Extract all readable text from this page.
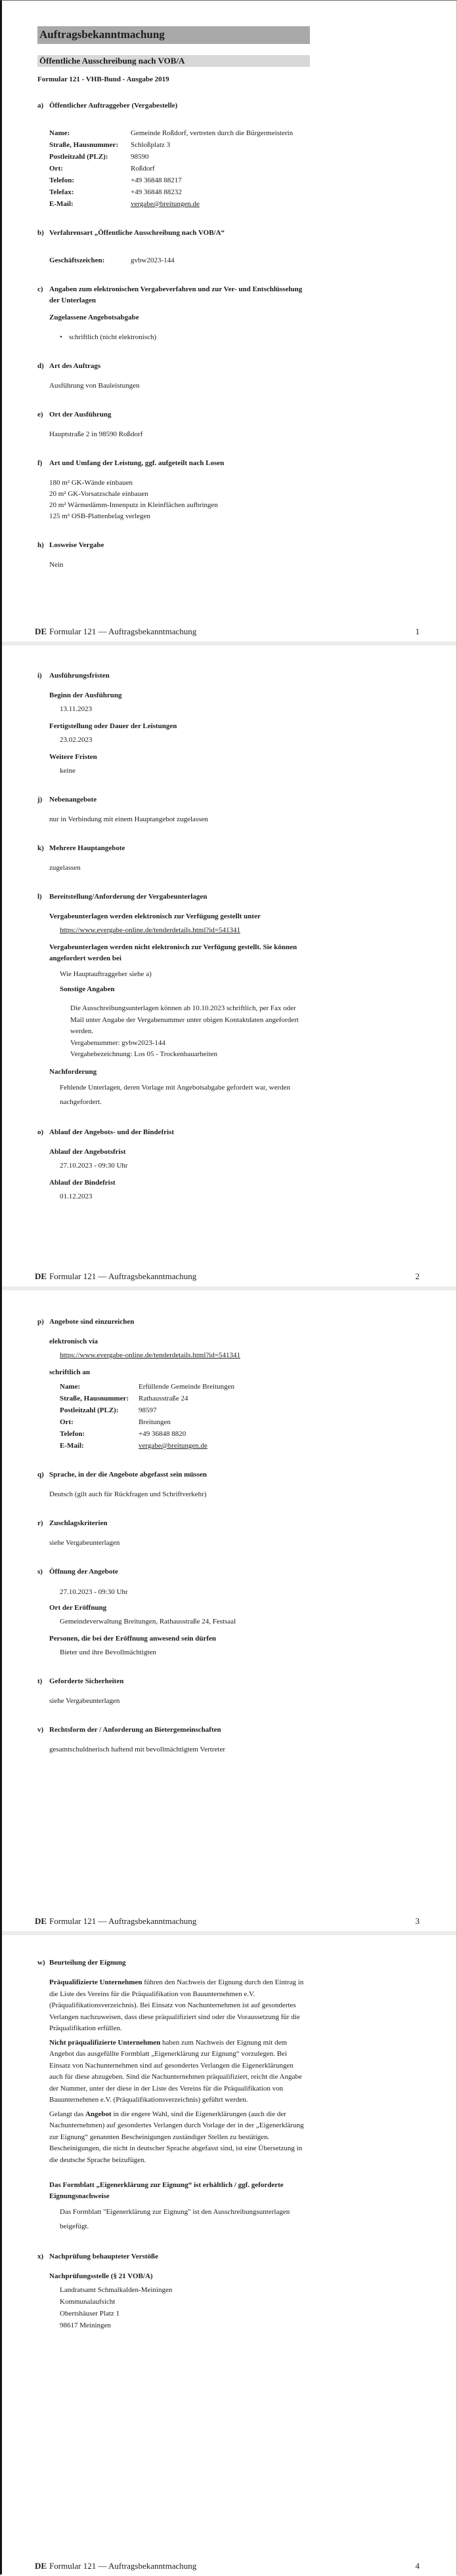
Auftragsbekanntmachung
Öffentliche Ausschreibung nach VOB/A
Formular 121 - VHB-Bund - Ausgabe 2019
a) Öffentlicher Auftraggeber (Vergabestelle)
Name:	Gemeinde Roßdorf, vertreten durch die Bürgermeisterin
Straße, Hausnummer: Schloßplatz 3
Postleitzahl (PLZ):	98590
Ort:	Roßdorf
Telefon:	+49 36848 88217
Telefax:	+49 36848 88232
E-Mail:	vergabe@breitungen.de
b) Verfahrensart „Öffentliche Ausschreibung nach VOB/A“
Geschäftszeichen:	gvbw2023-144
c) Angaben zum elektronischen Vergabeverfahren und zur Ver- und Entschlüsselung der Unterlagen
Zugelassene Angebotsabgabe
• schriftlich (nicht elektronisch)
d) Art des Auftrags
Ausführung von Bauleistungen
e) Ort der Ausführung
Hauptstraße 2 in 98590 Roßdorf
f) Art und Umfang der Leistung, ggf. aufgeteilt nach Losen
180 m² GK-Wände einbauen
20 m² GK-Vorsatzschale einbauen
20 m² Wärmedämm-Innenputz in Kleinflächen aufbringen
125 m³ OSB-Plattenbelag verlegen
h) Losweise Vergabe
Nein
DE Formular 121 — Auftragsbekanntmachung	1
i) Ausführungsfristen
Beginn der Ausführung
13.11.2023
Fertigstellung oder Dauer der Leistungen
23.02.2023
Weitere Fristen
keine
j) Nebenangebote
nur in Verbindung mit einem Hauptangebot zugelassen
k) Mehrere Hauptangebote
zugelassen
l) Bereitstellung/Anforderung der Vergabeunterlagen
Vergabeunterlagen werden elektronisch zur Verfügung gestellt unter
https://www.evergabe-online.de/tenderdetails.html?id=541341
Vergabeunterlagen werden nicht elektronisch zur Verfügung gestellt. Sie können angefordert werden bei
Wie Hauptauftraggeber siehe a)
Sonstige Angaben

Die Ausschreibungsunterlagen können ab 10.10.2023 schriftlich, per Fax oder Mail unter Angabe der Vergabenummer unter obigen Kontaktdaten angefordert werden.

Vergabenummer: gvbw2023-144

Vergabebezeichnung: Los 05 - Trockenbauarbeiten

Nachforderung
Fehlende Unterlagen, deren Vorlage mit Angebotsabgabe gefordert war, werden nachgefordert.
o) Ablauf der Angebots- und der Bindefrist
Ablauf der Angebotsfrist
27.10.2023 - 09:30 Uhr
Ablauf der Bindefrist
01.12.2023
DE Formular 121 — Auftragsbekanntmachung	2
p) Angebote sind einzureichen
elektronisch via
https://www.evergabe-online.de/tenderdetails.html?id=541341
schriftlich an
Name:	Erfüllende Gemeinde Breitungen
Straße, Hausnummer: Rathausstraße 24
Postleitzahl (PLZ):	98597
Ort:	Breitungen
Telefon:	+49 36848 8820
E-Mail:	vergabe@breitungen.de
q) Sprache, in der die Angebote abgefasst sein müssen
Deutsch (gilt auch für Rückfragen und Schriftverkehr)
r) Zuschlagskriterien
siehe Vergabeunterlagen
s) Öffnung der Angebote
27.10.2023 - 09:30 Uhr
Ort der Eröffnung
Gemeindeverwaltung Breitungen, Rathausstraße 24, Festsaal
Personen, die bei der Eröffnung anwesend sein dürfen
Bieter und ihre Bevollmächtigten
t) Geforderte Sicherheiten
siehe Vergabeunterlagen
v) Rechtsform der / Anforderung an Bietergemeinschaften
gesamtschuldnerisch haftend mit bevollmächtigtem Vertreter
DE Formular 121 — Auftragsbekanntmachung	3
w) Beurteilung der Eignung

Präqualifizierte Unternehmen führen den Nachweis der Eignung durch den Eintrag in die Liste des Vereins für die Präqualifikation von Bauunternehmen e.V. (Präqualifikationsverzeichnis). Bei Einsatz von Nachunternehmen ist auf gesondertes Verlangen nachzuweisen, dass diese präqualifiziert sind oder die Voraussetzung für die Präqualifikation erfüllen.

Nicht präqualifizierte Unternehmen haben zum Nachweis der Eignung mit dem Angebot das ausgefüllte Formblatt „Eigenerklärung zur Eignung“ vorzulegen. Bei Einsatz von Nachunternehmen sind auf gesondertes Verlangen die Eigenerklärungen auch für diese abzugeben. Sind die Nachunternehmen präqualifiziert, reicht die Angabe der Nummer, unter der diese in der Liste des Vereins für die Präqualifikation von Bauunternehmen e.V. (Präqualifikationsverzeichnis) geführt werden.

Gelangt das Angebot in die engere Wahl, sind die Eigenerklärungen (auch die der Nachunternehmen) auf gesondertes Verlangen durch Vorlage der in der „Eigenerklärung zur Eignung“ genannten Bescheinigungen zuständiger Stellen zu bestätigen. Bescheinigungen, die nicht in deutscher Sprache abgefasst sind, ist eine Übersetzung in die deutsche Sprache beizufügen.

Das Formblatt „Eigenerklärung zur Eignung“ ist erhältlich / ggf. geforderte Eignungsnachweise
Das Formblatt "Eigenerklärung zur Eignung" ist den Ausschreibungsunterlagen beigefügt.
x) Nachprüfung behaupteter Verstöße
Nachprüfungsstelle (§ 21 VOB/A)
Landratsamt Schmalkalden-Meiningen
Kommunalaufsicht
Obertshäuser Platz 1
98617 Meiningen
DE Formular 121 — Auftragsbekanntmachung	4
